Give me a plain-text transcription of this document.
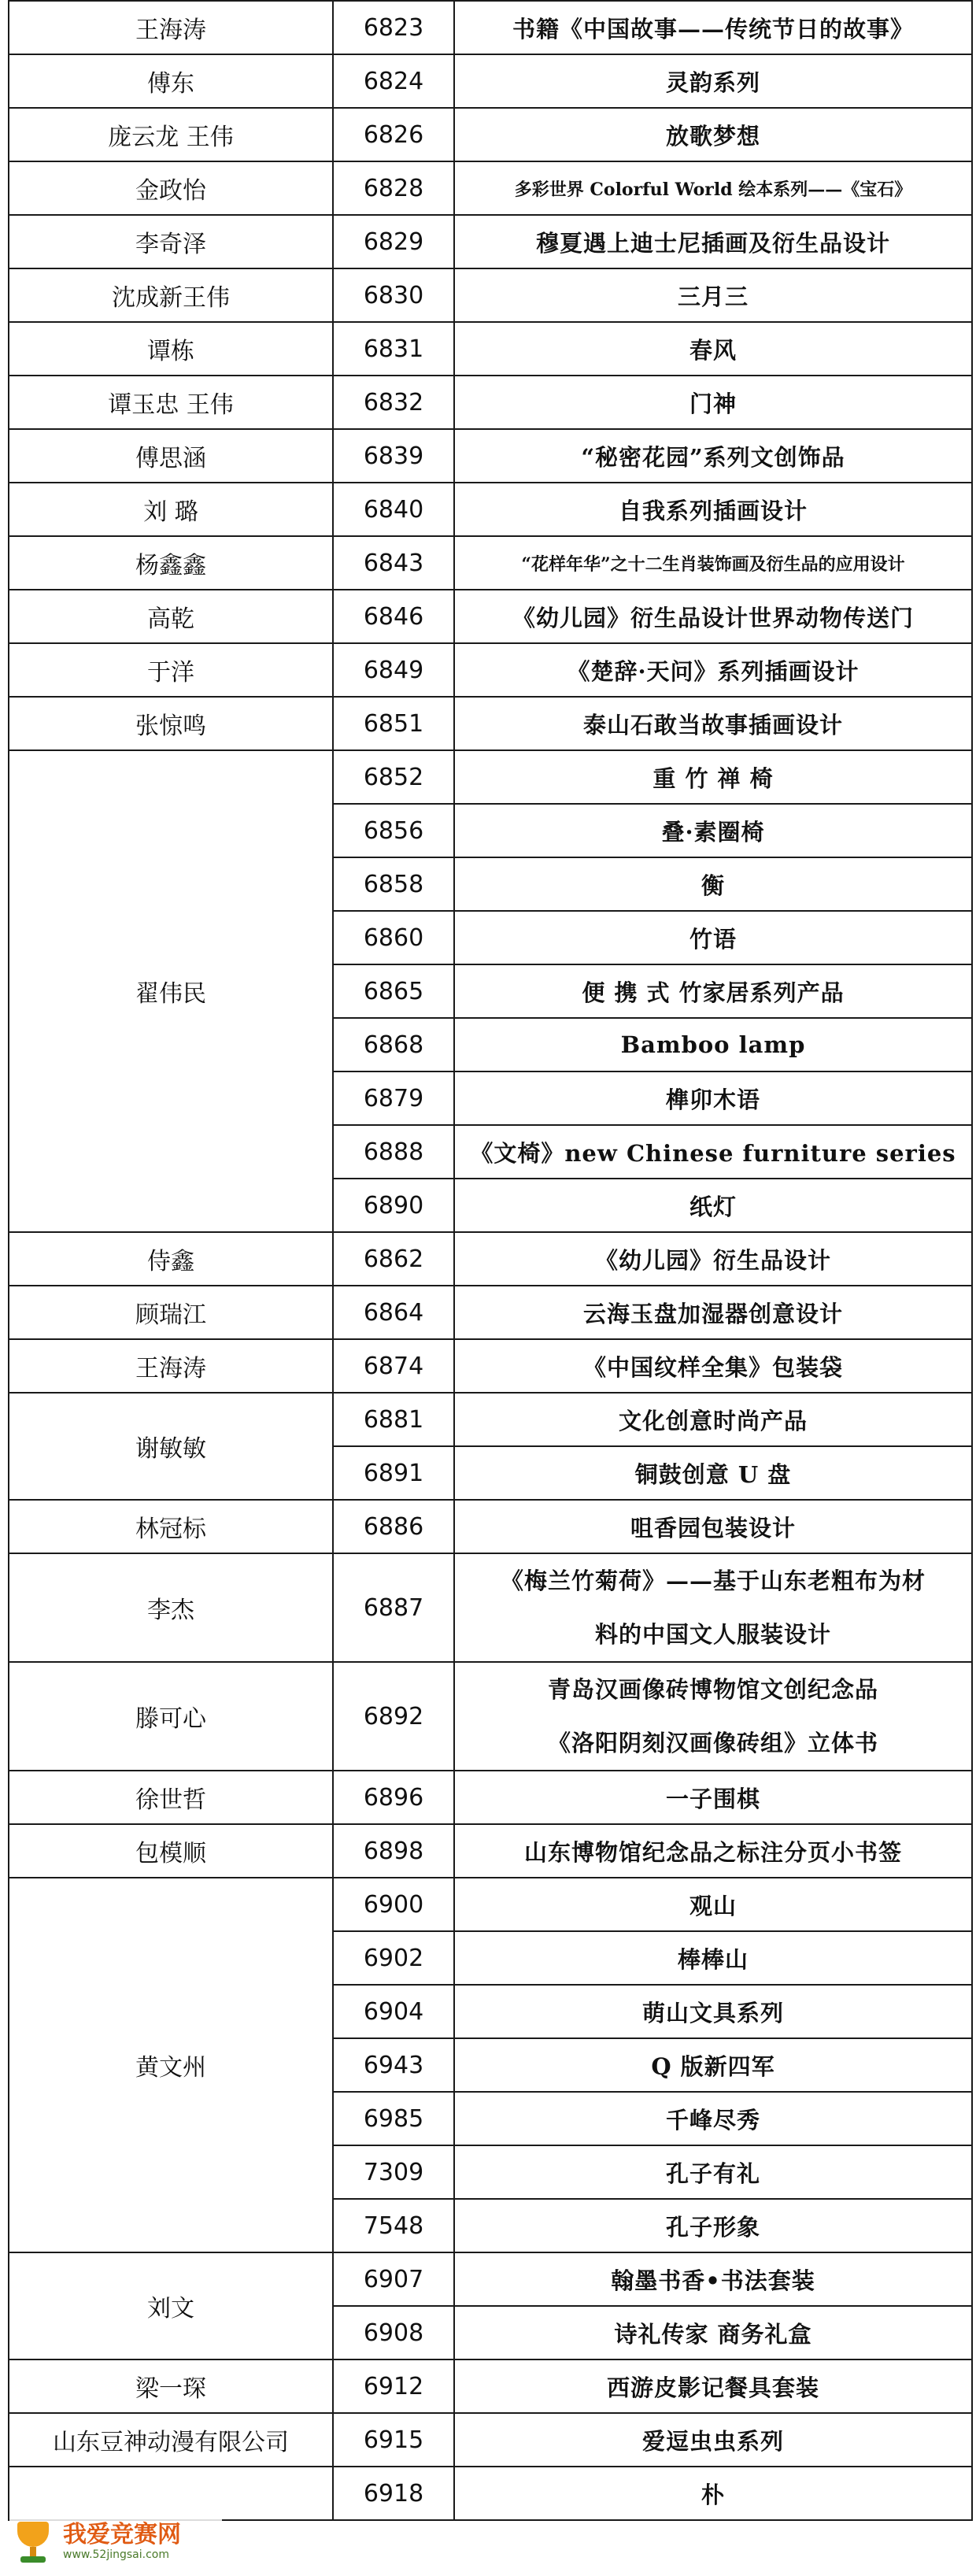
王海涛	6823	书籍《中国故事——传统节日的故事》
傅东	6824	灵韵系列
庞云龙 王伟	6826	放歌梦想
金政怡	6828	多彩世界 Colorful World 绘本系列——《宝石》
李奇泽	6829	穆夏遇上迪士尼插画及衍生品设计
沈成新王伟	6830	三月三
谭栋	6831	春风
谭玉忠 王伟	6832	门神
傅思涵	6839	“秘密花园”系列文创饰品
刘 璐	6840	自我系列插画设计
杨鑫鑫	6843	“花样年华”之十二生肖装饰画及衍生品的应用设计
高乾	6846	《幼儿园》衍生品设计世界动物传送门
于洋	6849	《楚辞·天问》系列插画设计
张惊鸣	6851	泰山石敢当故事插画设计
翟伟民	6852	重 竹 禅 椅
	6856	叠·素圈椅
	6858	衡
	6860	竹语
	6865	便 携 式 竹家居系列产品
	6868	Bamboo lamp
	6879	榫卯木语
	6888	《文椅》new Chinese furniture series
	6890	纸灯
侍鑫	6862	《幼儿园》衍生品设计
顾瑞江	6864	云海玉盘加湿器创意设计
王海涛	6874	《中国纹样全集》包装袋
谢敏敏	6881	文化创意时尚产品
	6891	铜鼓创意 U 盘
林冠标	6886	咀香园包装设计
李杰	6887	《梅兰竹菊荷》——基于山东老粗布为材
料的中国文人服装设计

滕可心	6892	青岛汉画像砖博物馆文创纪念品
《洛阳阴刻汉画像砖组》立体书

徐世哲	6896	一子围棋
包模顺	6898	山东博物馆纪念品之标注分页小书签
黄文州	6900	观山
	6902	棒棒山
	6904	萌山文具系列
	6943	Q 版新四军
	6985	千峰尽秀
	7309	孔子有礼
	7548	孔子形象
刘文	6907	翰墨书香•书法套装
	6908	诗礼传家 商务礼盒
梁一琛	6912	西游皮影记餐具套装
山东豆神动漫有限公司	6915	爱逗虫虫系列
	6918	朴
我爱竞赛网
www.52jingsai.com
